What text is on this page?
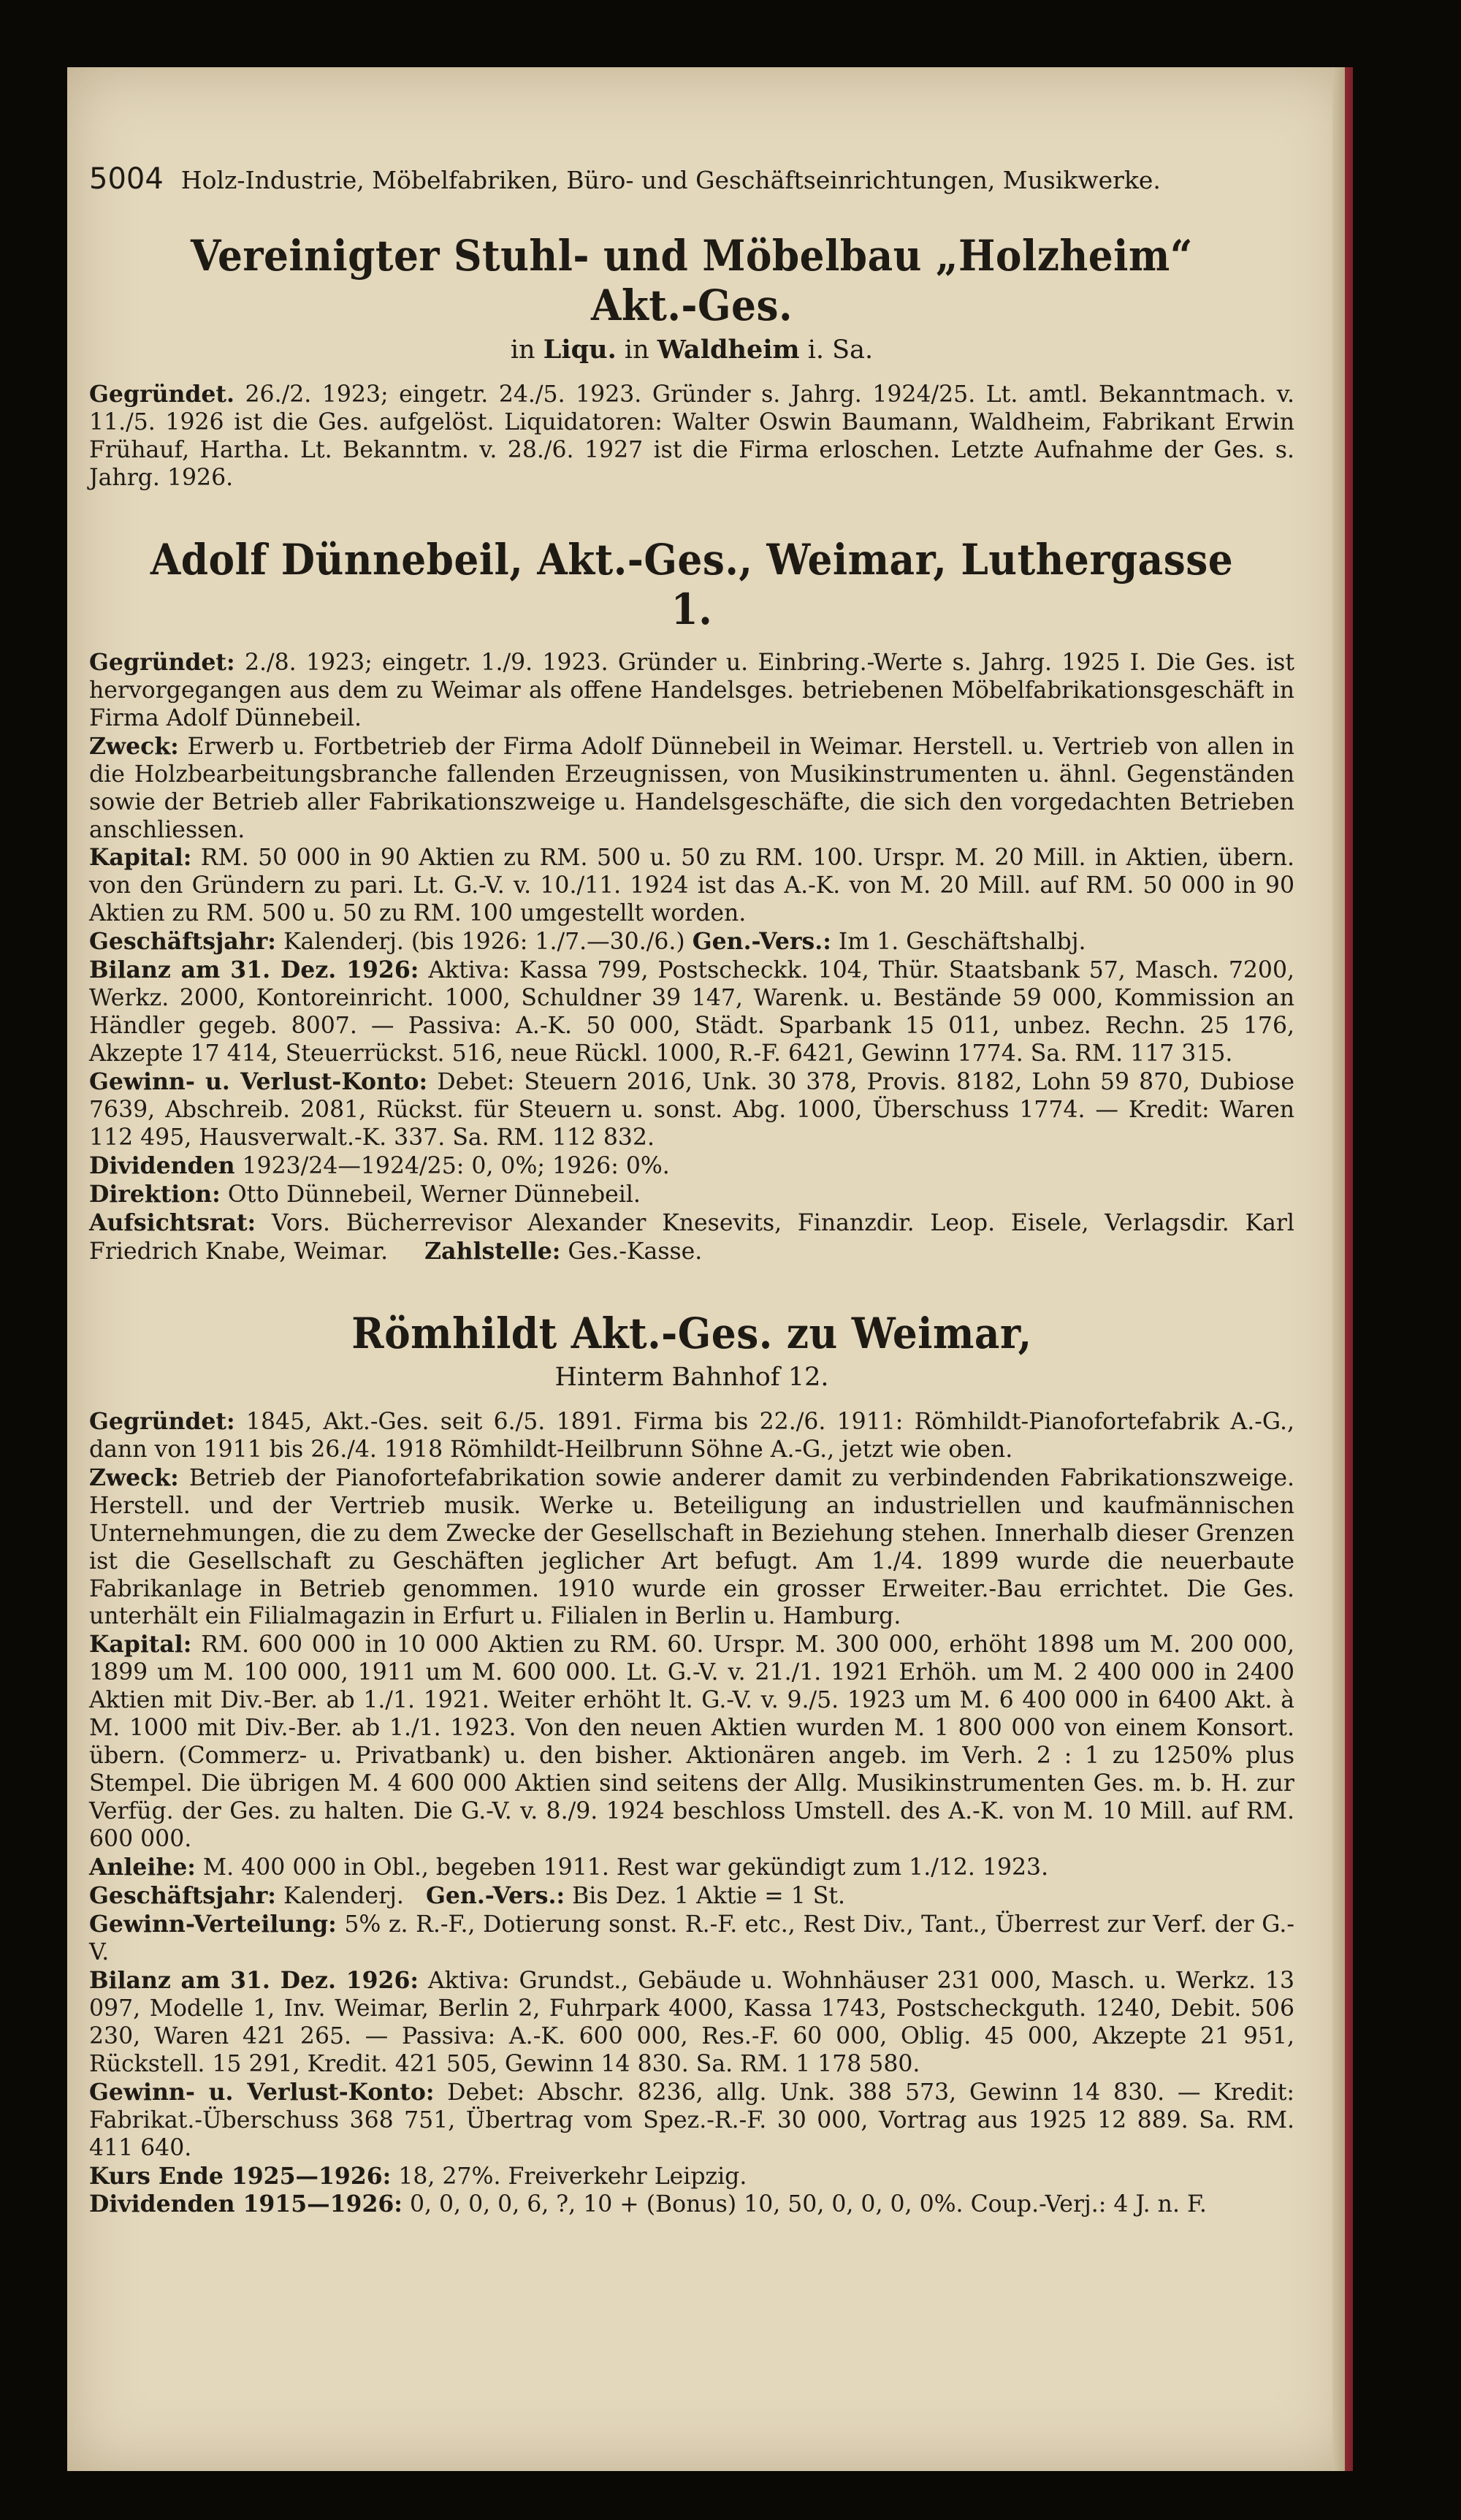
5004 Holz-Industrie, Möbelfabriken, Büro- und Geschäftseinrichtungen, Musikwerke.
Vereinigter Stuhl- und Möbelbau „Holzheim“ Akt.-Ges.
in Liqu. in Waldheim i. Sa.

Gegründet. 26./2. 1923; eingetr. 24./5. 1923. Gründer s. Jahrg. 1924/25. Lt. amtl. Bekanntmach. v. 11./5. 1926 ist die Ges. aufgelöst. Liquidatoren: Walter Oswin Baumann, Waldheim, Fabrikant Erwin Frühauf, Hartha. Lt. Bekanntm. v. 28./6. 1927 ist die Firma erloschen. Letzte Aufnahme der Ges. s. Jahrg. 1926.

Adolf Dünnebeil, Akt.-Ges., Weimar, Luthergasse 1.

Gegründet: 2./8. 1923; eingetr. 1./9. 1923. Gründer u. Einbring.-Werte s. Jahrg. 1925 I. Die Ges. ist hervorgegangen aus dem zu Weimar als offene Handelsges. betriebenen Möbelfabrikationsgeschäft in Firma Adolf Dünnebeil.

Zweck: Erwerb u. Fortbetrieb der Firma Adolf Dünnebeil in Weimar. Herstell. u. Vertrieb von allen in die Holzbearbeitungsbranche fallenden Erzeugnissen, von Musikinstrumenten u. ähnl. Gegenständen sowie der Betrieb aller Fabrikationszweige u. Handelsgeschäfte, die sich den vorgedachten Betrieben anschliessen.

Kapital: RM. 50 000 in 90 Aktien zu RM. 500 u. 50 zu RM. 100. Urspr. M. 20 Mill. in Aktien, übern. von den Gründern zu pari. Lt. G.-V. v. 10./11. 1924 ist das A.-K. von M. 20 Mill. auf RM. 50 000 in 90 Aktien zu RM. 500 u. 50 zu RM. 100 umgestellt worden.

Geschäftsjahr: Kalenderj. (bis 1926: 1./7.—30./6.) Gen.-Vers.: Im 1. Geschäftshalbj.

Bilanz am 31. Dez. 1926: Aktiva: Kassa 799, Postscheckk. 104, Thür. Staatsbank 57, Masch. 7200, Werkz. 2000, Kontoreinricht. 1000, Schuldner 39 147, Warenk. u. Bestände 59 000, Kommission an Händler gegeb. 8007. — Passiva: A.-K. 50 000, Städt. Sparbank 15 011, unbez. Rechn. 25 176, Akzepte 17 414, Steuerrückst. 516, neue Rückl. 1000, R.-F. 6421, Gewinn 1774. Sa. RM. 117 315.

Gewinn- u. Verlust-Konto: Debet: Steuern 2016, Unk. 30 378, Provis. 8182, Lohn 59 870, Dubiose 7639, Abschreib. 2081, Rückst. für Steuern u. sonst. Abg. 1000, Überschuss 1774. — Kredit: Waren 112 495, Hausverwalt.-K. 337. Sa. RM. 112 832.

Dividenden 1923/24—1924/25: 0, 0%; 1926: 0%.

Direktion: Otto Dünnebeil, Werner Dünnebeil.

Aufsichtsrat: Vors. Bücherrevisor Alexander Knesevits, Finanzdir. Leop. Eisele, Verlagsdir. Karl Friedrich Knabe, Weimar. Zahlstelle: Ges.-Kasse.

Römhildt Akt.-Ges. zu Weimar,
Hinterm Bahnhof 12.

Gegründet: 1845, Akt.-Ges. seit 6./5. 1891. Firma bis 22./6. 1911: Römhildt-Pianofortefabrik A.-G., dann von 1911 bis 26./4. 1918 Römhildt-Heilbrunn Söhne A.-G., jetzt wie oben.

Zweck: Betrieb der Pianofortefabrikation sowie anderer damit zu verbindenden Fabrikationszweige. Herstell. und der Vertrieb musik. Werke u. Beteiligung an industriellen und kaufmännischen Unternehmungen, die zu dem Zwecke der Gesellschaft in Beziehung stehen. Innerhalb dieser Grenzen ist die Gesellschaft zu Geschäften jeglicher Art befugt. Am 1./4. 1899 wurde die neuerbaute Fabrikanlage in Betrieb genommen. 1910 wurde ein grosser Erweiter.-Bau errichtet. Die Ges. unterhält ein Filialmagazin in Erfurt u. Filialen in Berlin u. Hamburg.

Kapital: RM. 600 000 in 10 000 Aktien zu RM. 60. Urspr. M. 300 000, erhöht 1898 um M. 200 000, 1899 um M. 100 000, 1911 um M. 600 000. Lt. G.-V. v. 21./1. 1921 Erhöh. um M. 2 400 000 in 2400 Aktien mit Div.-Ber. ab 1./1. 1921. Weiter erhöht lt. G.-V. v. 9./5. 1923 um M. 6 400 000 in 6400 Akt. à M. 1000 mit Div.-Ber. ab 1./1. 1923. Von den neuen Aktien wurden M. 1 800 000 von einem Konsort. übern. (Commerz- u. Privatbank) u. den bisher. Aktionären angeb. im Verh. 2 : 1 zu 1250% plus Stempel. Die übrigen M. 4 600 000 Aktien sind seitens der Allg. Musikinstrumenten Ges. m. b. H. zur Verfüg. der Ges. zu halten. Die G.-V. v. 8./9. 1924 beschloss Umstell. des A.-K. von M. 10 Mill. auf RM. 600 000.

Anleihe: M. 400 000 in Obl., begeben 1911. Rest war gekündigt zum 1./12. 1923.

Geschäftsjahr: Kalenderj. Gen.-Vers.: Bis Dez. 1 Aktie = 1 St.

Gewinn-Verteilung: 5% z. R.-F., Dotierung sonst. R.-F. etc., Rest Div., Tant., Überrest zur Verf. der G.-V.

Bilanz am 31. Dez. 1926: Aktiva: Grundst., Gebäude u. Wohnhäuser 231 000, Masch. u. Werkz. 13 097, Modelle 1, Inv. Weimar, Berlin 2, Fuhrpark 4000, Kassa 1743, Postscheckguth. 1240, Debit. 506 230, Waren 421 265. — Passiva: A.-K. 600 000, Res.-F. 60 000, Oblig. 45 000, Akzepte 21 951, Rückstell. 15 291, Kredit. 421 505, Gewinn 14 830. Sa. RM. 1 178 580.

Gewinn- u. Verlust-Konto: Debet: Abschr. 8236, allg. Unk. 388 573, Gewinn 14 830. — Kredit: Fabrikat.-Überschuss 368 751, Übertrag vom Spez.-R.-F. 30 000, Vortrag aus 1925 12 889. Sa. RM. 411 640.

Kurs Ende 1925—1926: 18, 27%. Freiverkehr Leipzig.

Dividenden 1915—1926: 0, 0, 0, 0, 6, ?, 10 + (Bonus) 10, 50, 0, 0, 0, 0%. Coup.-Verj.: 4 J. n. F.
